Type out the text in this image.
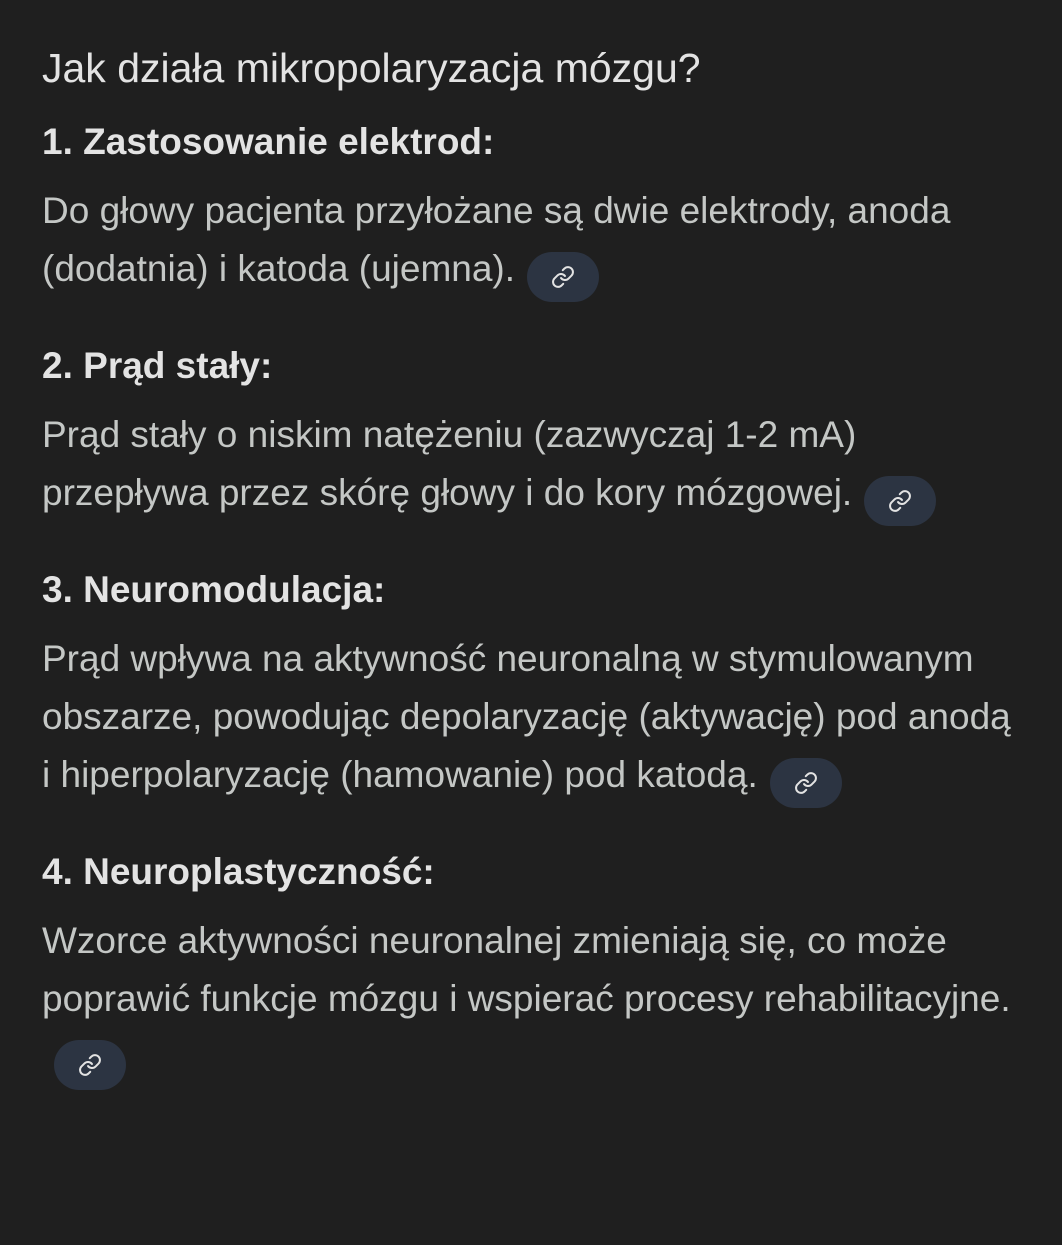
Jak działa mikropolaryzacja mózgu?
1. Zastosowanie elektrod:

Do głowy pacjenta przyłożane są dwie elektrody, anoda (dodatnia) i katoda (ujemna).

2. Prąd stały:

Prąd stały o niskim natężeniu (zazwyczaj 1-2 mA) przepływa przez skórę głowy i do kory mózgowej.

3. Neuromodulacja:

Prąd wpływa na aktywność neuronalną w stymulowanym obszarze, powodując depolaryzację (aktywację) pod anodą i hiperpolaryzację (hamowanie) pod katodą.

4. Neuroplastyczność:

Wzorce aktywności neuronalnej zmieniają się, co może poprawić funkcje mózgu i wspierać procesy rehabilitacyjne.
